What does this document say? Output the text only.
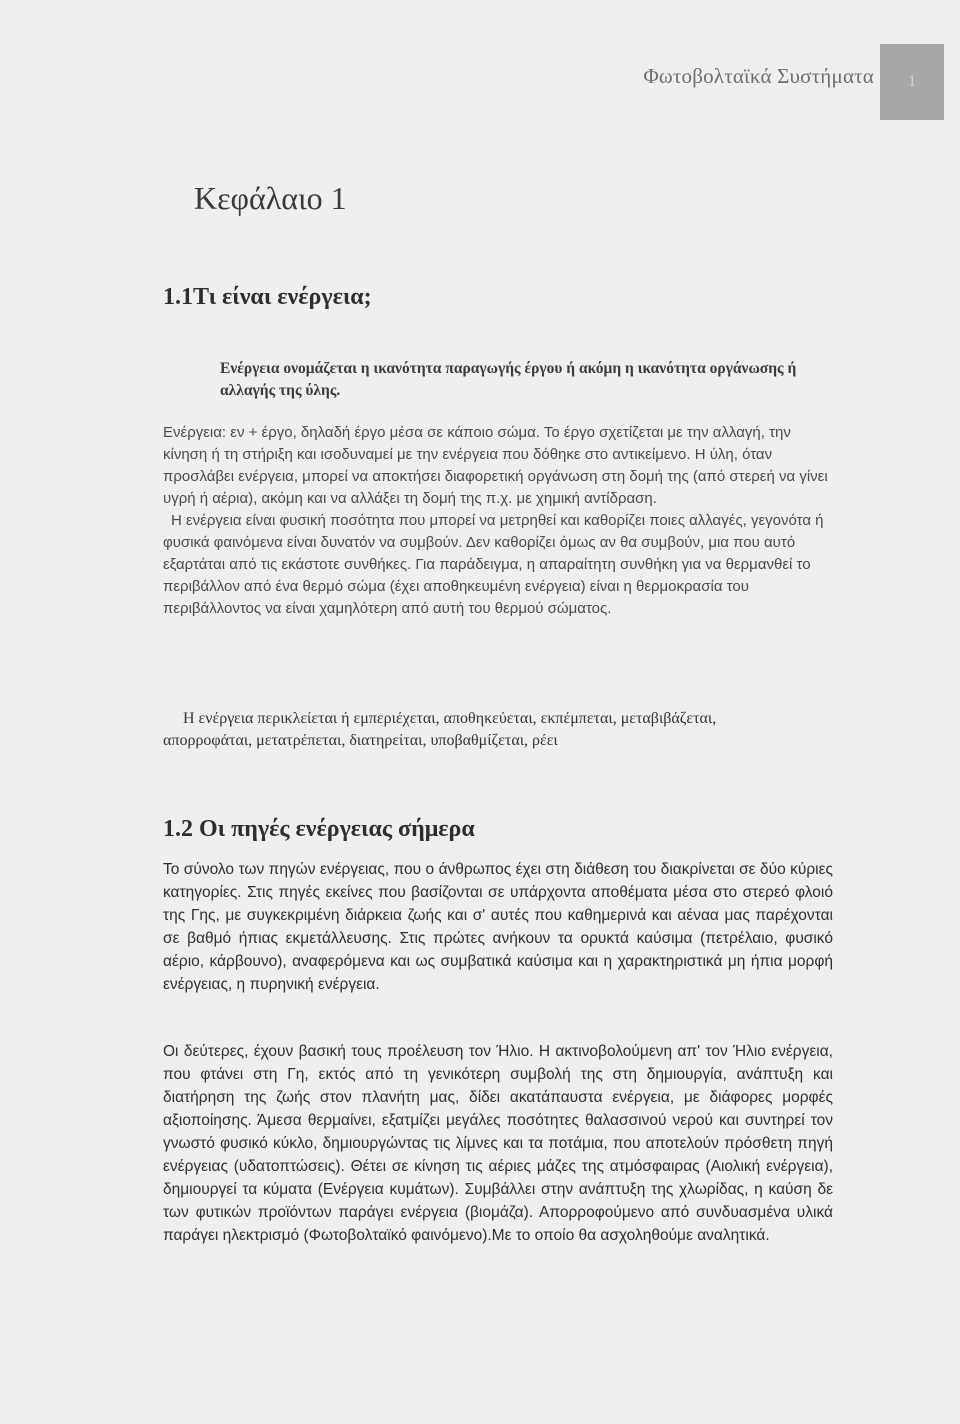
Φωτοβολταϊκά Συστήματα	1
Κεφάλαιο 1
1.1Τι είναι ενέργεια;
Ενέργεια ονομάζεται η ικανότητα παραγωγής έργου ή ακόμη η ικανότητα οργάνωσης ή αλλαγής της ύλης.

Ενέργεια: εν + έργο, δηλαδή έργο μέσα σε κάποιο σώμα. Το έργο σχετίζεται με την αλλαγή, την κίνηση ή τη στήριξη και ισοδυναμεί με την ενέργεια που δόθηκε στο αντικείμενο. Η ύλη, όταν προσλάβει ενέργεια, μπορεί να αποκτήσει διαφορετική οργάνωση στη δομή της (από στερεή να γίνει υγρή ή αέρια), ακόμη και να αλλάξει τη δομή της π.χ. με χημική αντίδραση.

Η ενέργεια είναι φυσική ποσότητα που μπορεί να μετρηθεί και καθορίζει ποιες αλλαγές, γεγονότα ή φυσικά φαινόμενα είναι δυνατόν να συμβούν. Δεν καθορίζει όμως αν θα συμβούν, μια που αυτό εξαρτάται από τις εκάστοτε συνθήκες. Για παράδειγμα, η απαραίτητη συνθήκη για να θερμανθεί το περιβάλλον από ένα θερμό σώμα (έχει αποθηκευμένη ενέργεια) είναι η θερμοκρασία του περιβάλλοντος να είναι χαμηλότερη από αυτή του θερμού σώματος.

Η ενέργεια περικλείεται ή εμπεριέχεται, αποθηκεύεται, εκπέμπεται, μεταβιβάζεται, απορροφάται, μετατρέπεται, διατηρείται, υποβαθμίζεται, ρέει
1.2 Οι πηγές ενέργειας σήμερα

Το σύνολο των πηγών ενέργειας, που ο άνθρωπος έχει στη διάθεση του διακρίνεται σε δύο κύριες κατηγορίες. Στις πηγές εκείνες που βασίζονται σε υπάρχοντα αποθέματα μέσα στο στερεό φλοιό της Γης, με συγκεκριμένη διάρκεια ζωής και σ' αυτές που καθημερινά και αέναα μας παρέχονται σε βαθμό ήπιας εκμετάλλευσης. Στις πρώτες ανήκουν τα ορυκτά καύσιμα (πετρέλαιο, φυσικό αέριο, κάρβουνο), αναφερόμενα και ως συμβατικά καύσιμα και η χαρακτηριστικά μη ήπια μορφή ενέργειας, η πυρηνική ενέργεια.

Οι δεύτερες, έχουν βασική τους προέλευση τον Ήλιο. Η ακτινοβολούμενη απ' τον Ήλιο ενέργεια, που φτάνει στη Γη, εκτός από τη γενικότερη συμβολή της στη δημιουργία, ανάπτυξη και διατήρηση της ζωής στον πλανήτη μας, δίδει ακατάπαυστα ενέργεια, με διάφορες μορφές αξιοποίησης. Άμεσα θερμαίνει, εξατμίζει μεγάλες ποσότητες θαλασσινού νερού και συντηρεί τον γνωστό φυσικό κύκλο, δημιουργώντας τις λίμνες και τα ποτάμια, που αποτελούν πρόσθετη πηγή ενέργειας (υδατοπτώσεις). Θέτει σε κίνηση τις αέριες μάζες της ατμόσφαιρας (Αιολική ενέργεια), δημιουργεί τα κύματα (Ενέργεια κυμάτων). Συμβάλλει στην ανάπτυξη της χλωρίδας, η καύση δε των φυτικών προϊόντων παράγει ενέργεια (βιομάζα). Απορροφούμενο από συνδυασμένα υλικά παράγει ηλεκτρισμό (Φωτοβολταϊκό φαινόμενο).Με το οποίο θα ασχοληθούμε αναλητικά.
